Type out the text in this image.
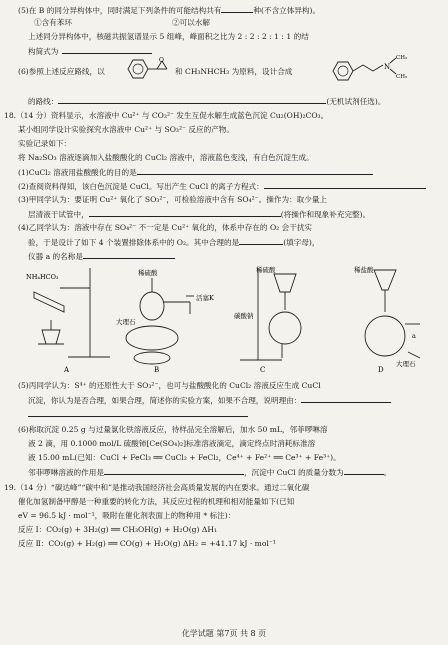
(5)在 B 的同分异构体中，同时满足下列条件的可能结构共有	种(不含立体异构)。
①含有苯环	②可以水解
上述同分异构体中，核磁共振氢谱显示 5 组峰，峰面积之比为 2 : 2 : 2 : 1 : 1 的结
构简式为
(6)参照上述反应路线，以
O
和 CH₃NHCH₃ 为原料，设计合成	N
CH₃
CH₃
的路线：	(无机试剂任选)。
18.（14 分）资料显示，水溶液中 Cu²⁺ 与 CO₃²⁻ 发生互促水解生成蓝色沉淀 Cu₂(OH)₂CO₃。
某小组同学设计实验探究水溶液中 Cu²⁺ 与 SO₃²⁻ 反应的产物。
实验记录如下：
将 Na₂SO₃ 溶液逐滴加入盐酸酸化的 CuCl₂ 溶液中，溶液蓝色变浅，有白色沉淀生成。
(1)CuCl₂ 溶液用盐酸酸化的目的是
(2)查阅资料得知，该白色沉淀是 CuCl。写出产生 CuCl 的离子方程式：
(3)甲同学认为：要证明 Cu²⁺ 氧化了 SO₃²⁻，可检验溶液中含有 SO₄²⁻。操作为：取少量上
层清液于试管中，	(将操作和现象补充完整)。
(4)乙同学认为：溶液中存在 SO₄²⁻ 不一定是 Cu²⁺ 氧化的，体系中存在的 O₂ 会干扰实
验，于是设计了如下 4 个装置排除体系中的 O₂。其中合理的是	(填字母)，
仪器 a 的名称是
NH₄HCO₃	稀硫酸
大理石
活塞K
稀硫酸
碳酸钠
稀盐酸
a
大理石
A	B	C	D
(5)丙同学认为：S⁴⁺ 的还原性大于 SO₃²⁻，也可与盐酸酸化的 CuCl₂ 溶液反应生成 CuCl
沉淀，你认为是否合理，如果合理，简述你的实验方案，如果不合理，说明理由：
(6)称取沉淀 0.25 g 与过量氯化铁溶液反应，待样品完全溶解后，加水 50 mL，邻菲啰啉溶
液 2 滴，用 0.1000 mol/L 硫酸铈[Ce(SO₄)₂]标准溶液滴定，滴定终点时消耗标准溶
液 15.00 mL(已知：CuCl + FeCl₃ ══ CuCl₂ + FeCl₂，Ce⁴⁺ + Fe²⁺ ══ Ce³⁺ + Fe³⁺)。
邻菲啰啉溶液的作用是	，沉淀中 CuCl 的质量分数为	。
19.（14 分）“碳达峰”“碳中和”是推动我国经济社会高质量发展的内在要求。通过二氧化碳
催化加氢制备甲醇是一种重要的转化方法，其反应过程的机理和相对能量如下(已知
eV = 96.5 kJ · mol⁻¹，吸附在催化剂表面上的物种用 * 标注)：
反应 Ⅰ：CO₂(g) + 3H₂(g) ══ CH₃OH(g) + H₂O(g) ΔH₁
反应 Ⅱ：CO₂(g) + H₂(g) ══ CO(g) + H₂O(g) ΔH₂ = +41.17 kJ · mol⁻¹
化学试题 第7页 共 8 页
